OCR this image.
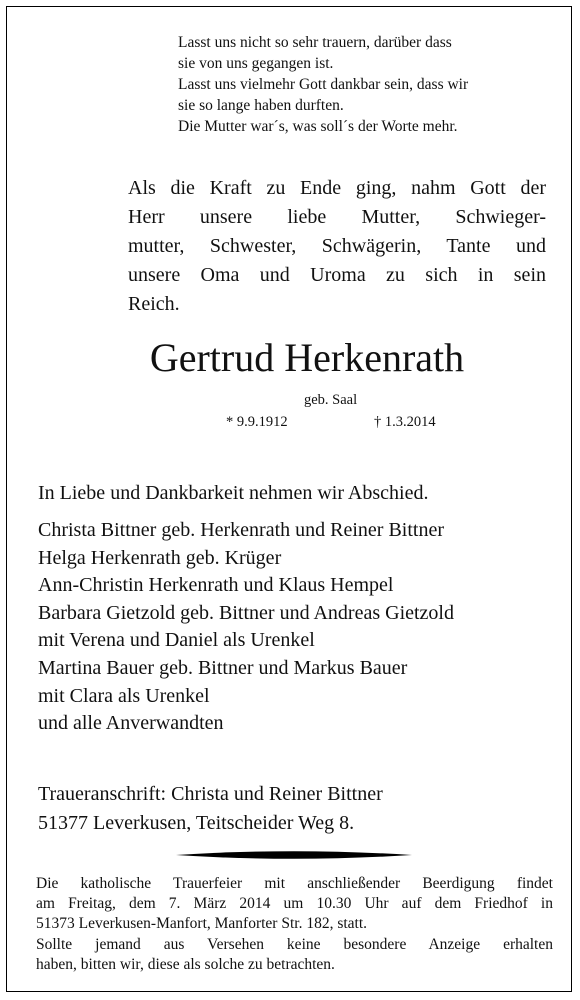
Lasst uns nicht so sehr trauern, darüber dass
sie von uns gegangen ist.
Lasst uns vielmehr Gott dankbar sein, dass wir
sie so lange haben durften.
Die Mutter war´s, was soll´s der Worte mehr.
Als die Kraft zu Ende ging, nahm Gott der
Herr unsere liebe Mutter, Schwieger-
mutter, Schwester, Schwägerin, Tante und
unsere Oma und Uroma zu sich in sein
Reich.
Gertrud Herkenrath
geb. Saal
* 9.9.1912	† 1.3.2014
In Liebe und Dankbarkeit nehmen wir Abschied.
Christa Bittner geb. Herkenrath und Reiner Bittner
Helga Herkenrath geb. Krüger
Ann-Christin Herkenrath und Klaus Hempel
Barbara Gietzold geb. Bittner und Andreas Gietzold
mit Verena und Daniel als Urenkel
Martina Bauer geb. Bittner und Markus Bauer
mit Clara als Urenkel
und alle Anverwandten
Traueranschrift: Christa und Reiner Bittner
51377 Leverkusen, Teitscheider Weg 8.
Die katholische Trauerfeier mit anschließender Beerdigung findet
am Freitag, dem 7. März 2014 um 10.30 Uhr auf dem Friedhof in
51373 Leverkusen-Manfort, Manforter Str. 182, statt.
Sollte jemand aus Versehen keine besondere Anzeige erhalten
haben, bitten wir, diese als solche zu betrachten.
